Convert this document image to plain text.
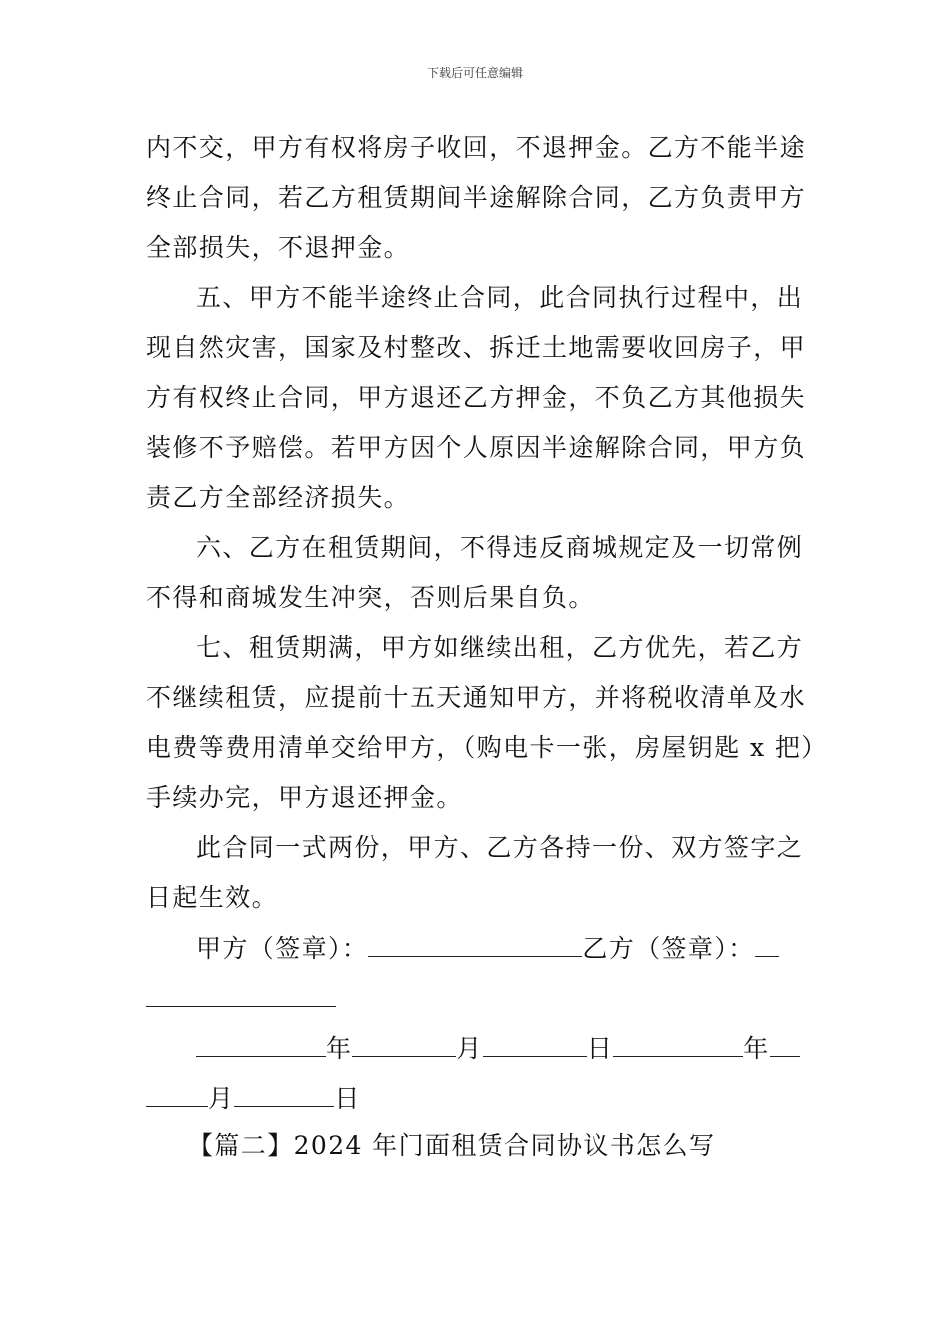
下载后可任意编辑
内不交，甲方有权将房子收回，不退押金。乙方不能半途
终止合同，若乙方租赁期间半途解除合同，乙方负责甲方
全部损失，不退押金。
五、甲方不能半途终止合同，此合同执行过程中，出
现自然灾害，国家及村整改、拆迁土地需要收回房子，甲
方有权终止合同，甲方退还乙方押金，不负乙方其他损失
装修不予赔偿。若甲方因个人原因半途解除合同，甲方负
责乙方全部经济损失。
六、乙方在租赁期间，不得违反商城规定及一切常例
不得和商城发生冲突，否则后果自负。
七、租赁期满，甲方如继续出租，乙方优先，若乙方
不继续租赁，应提前十五天通知甲方，并将税收清单及水
电费等费用清单交给甲方，（购电卡一张，房屋钥匙 x 把）
手续办完，甲方退还押金。
此合同一式两份，甲方、乙方各持一份、双方签字之
日起生效。
甲方（签章）：	乙方（签章）：
年	月	日	年
月	日
【篇二】2024 年门面租赁合同协议书怎么写
